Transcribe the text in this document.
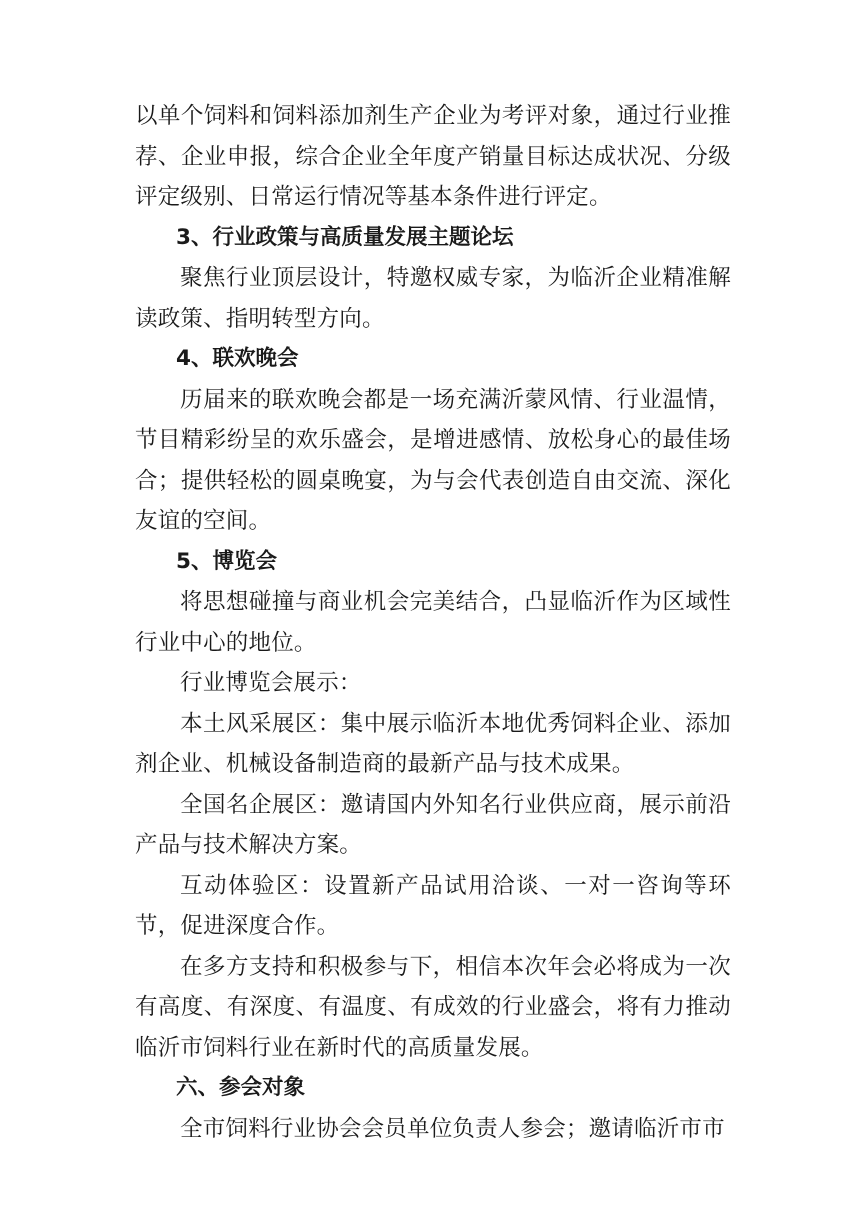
以单个饲料和饲料添加剂生产企业为考评对象，通过行业推荐、企业申报，综合企业全年度产销量目标达成状况、分级评定级别、日常运行情况等基本条件进行评定。

3、行业政策与高质量发展主题论坛

聚焦行业顶层设计，特邀权威专家，为临沂企业精准解读政策、指明转型方向。

4、联欢晚会

历届来的联欢晚会都是一场充满沂蒙风情、行业温情，节目精彩纷呈的欢乐盛会，是增进感情、放松身心的最佳场合；提供轻松的圆桌晚宴，为与会代表创造自由交流、深化友谊的空间。

5、博览会

将思想碰撞与商业机会完美结合，凸显临沂作为区域性行业中心的地位。

行业博览会展示：

本土风采展区：集中展示临沂本地优秀饲料企业、添加剂企业、机械设备制造商的最新产品与技术成果。

全国名企展区：邀请国内外知名行业供应商，展示前沿产品与技术解决方案。

互动体验区：设置新产品试用洽谈、一对一咨询等环节，促进深度合作。

在多方支持和积极参与下，相信本次年会必将成为一次有高度、有深度、有温度、有成效的行业盛会，将有力推动临沂市饲料行业在新时代的高质量发展。

六、参会对象

全市饲料行业协会会员单位负责人参会；邀请临沂市市
